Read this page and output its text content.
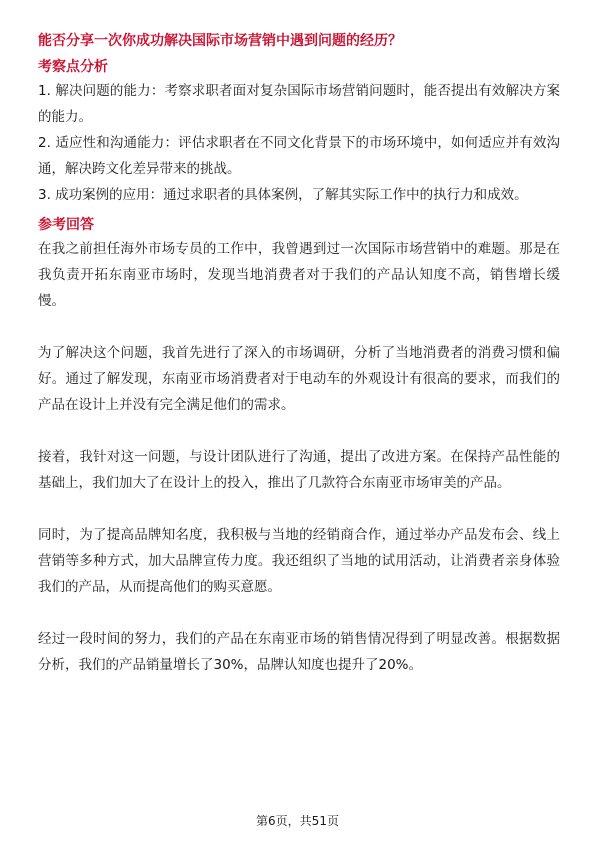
能否分享一次你成功解决国际市场营销中遇到问题的经历？
考察点分析
1. 解决问题的能力：考察求职者面对复杂国际市场营销问题时，能否提出有效解决方案的能力。
2. 适应性和沟通能力：评估求职者在不同文化背景下的市场环境中，如何适应并有效沟通，解决跨文化差异带来的挑战。
3. 成功案例的应用：通过求职者的具体案例，了解其实际工作中的执行力和成效。
参考回答

在我之前担任海外市场专员的工作中，我曾遇到过一次国际市场营销中的难题。那是在我负责开拓东南亚市场时，发现当地消费者对于我们的产品认知度不高，销售增长缓慢。

为了解决这个问题，我首先进行了深入的市场调研，分析了当地消费者的消费习惯和偏好。通过了解发现，东南亚市场消费者对于电动车的外观设计有很高的要求，而我们的产品在设计上并没有完全满足他们的需求。

接着，我针对这一问题，与设计团队进行了沟通，提出了改进方案。在保持产品性能的基础上，我们加大了在设计上的投入，推出了几款符合东南亚市场审美的产品。

同时，为了提高品牌知名度，我积极与当地的经销商合作，通过举办产品发布会、线上营销等多种方式，加大品牌宣传力度。我还组织了当地的试用活动，让消费者亲身体验我们的产品，从而提高他们的购买意愿。

经过一段时间的努力，我们的产品在东南亚市场的销售情况得到了明显改善。根据数据分析，我们的产品销量增长了30%，品牌认知度也提升了20%。

第6页，共51页
